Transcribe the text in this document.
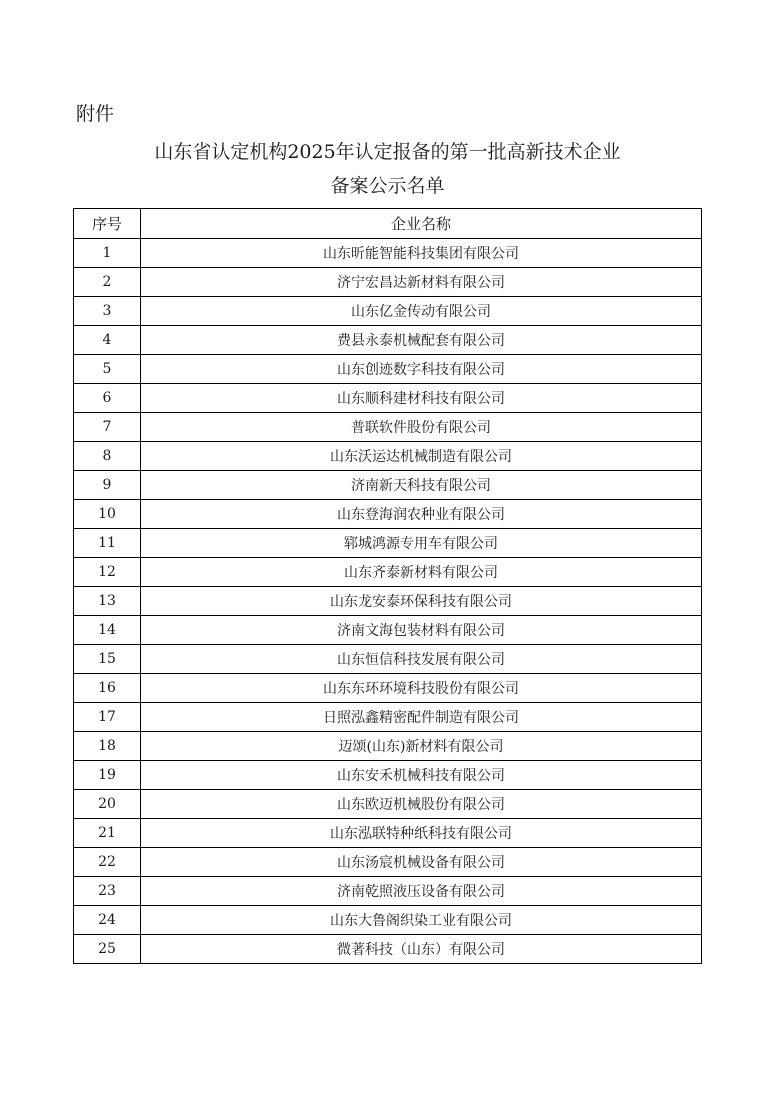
附件
山东省认定机构2025年认定报备的第一批高新技术企业
备案公示名单
序号	企业名称
1	山东昕能智能科技集团有限公司
2	济宁宏昌达新材料有限公司
3	山东亿金传动有限公司
4	费县永泰机械配套有限公司
5	山东创迹数字科技有限公司
6	山东顺科建材科技有限公司
7	普联软件股份有限公司
8	山东沃运达机械制造有限公司
9	济南新天科技有限公司
10	山东登海润农种业有限公司
11	郓城鸿源专用车有限公司
12	山东齐泰新材料有限公司
13	山东龙安泰环保科技有限公司
14	济南文海包装材料有限公司
15	山东恒信科技发展有限公司
16	山东东环环境科技股份有限公司
17	日照泓鑫精密配件制造有限公司
18	迈颂(山东)新材料有限公司
19	山东安禾机械科技有限公司
20	山东欧迈机械股份有限公司
21	山东泓联特种纸科技有限公司
22	山东汤宸机械设备有限公司
23	济南乾照液压设备有限公司
24	山东大鲁阁织染工业有限公司
25	微著科技（山东）有限公司
